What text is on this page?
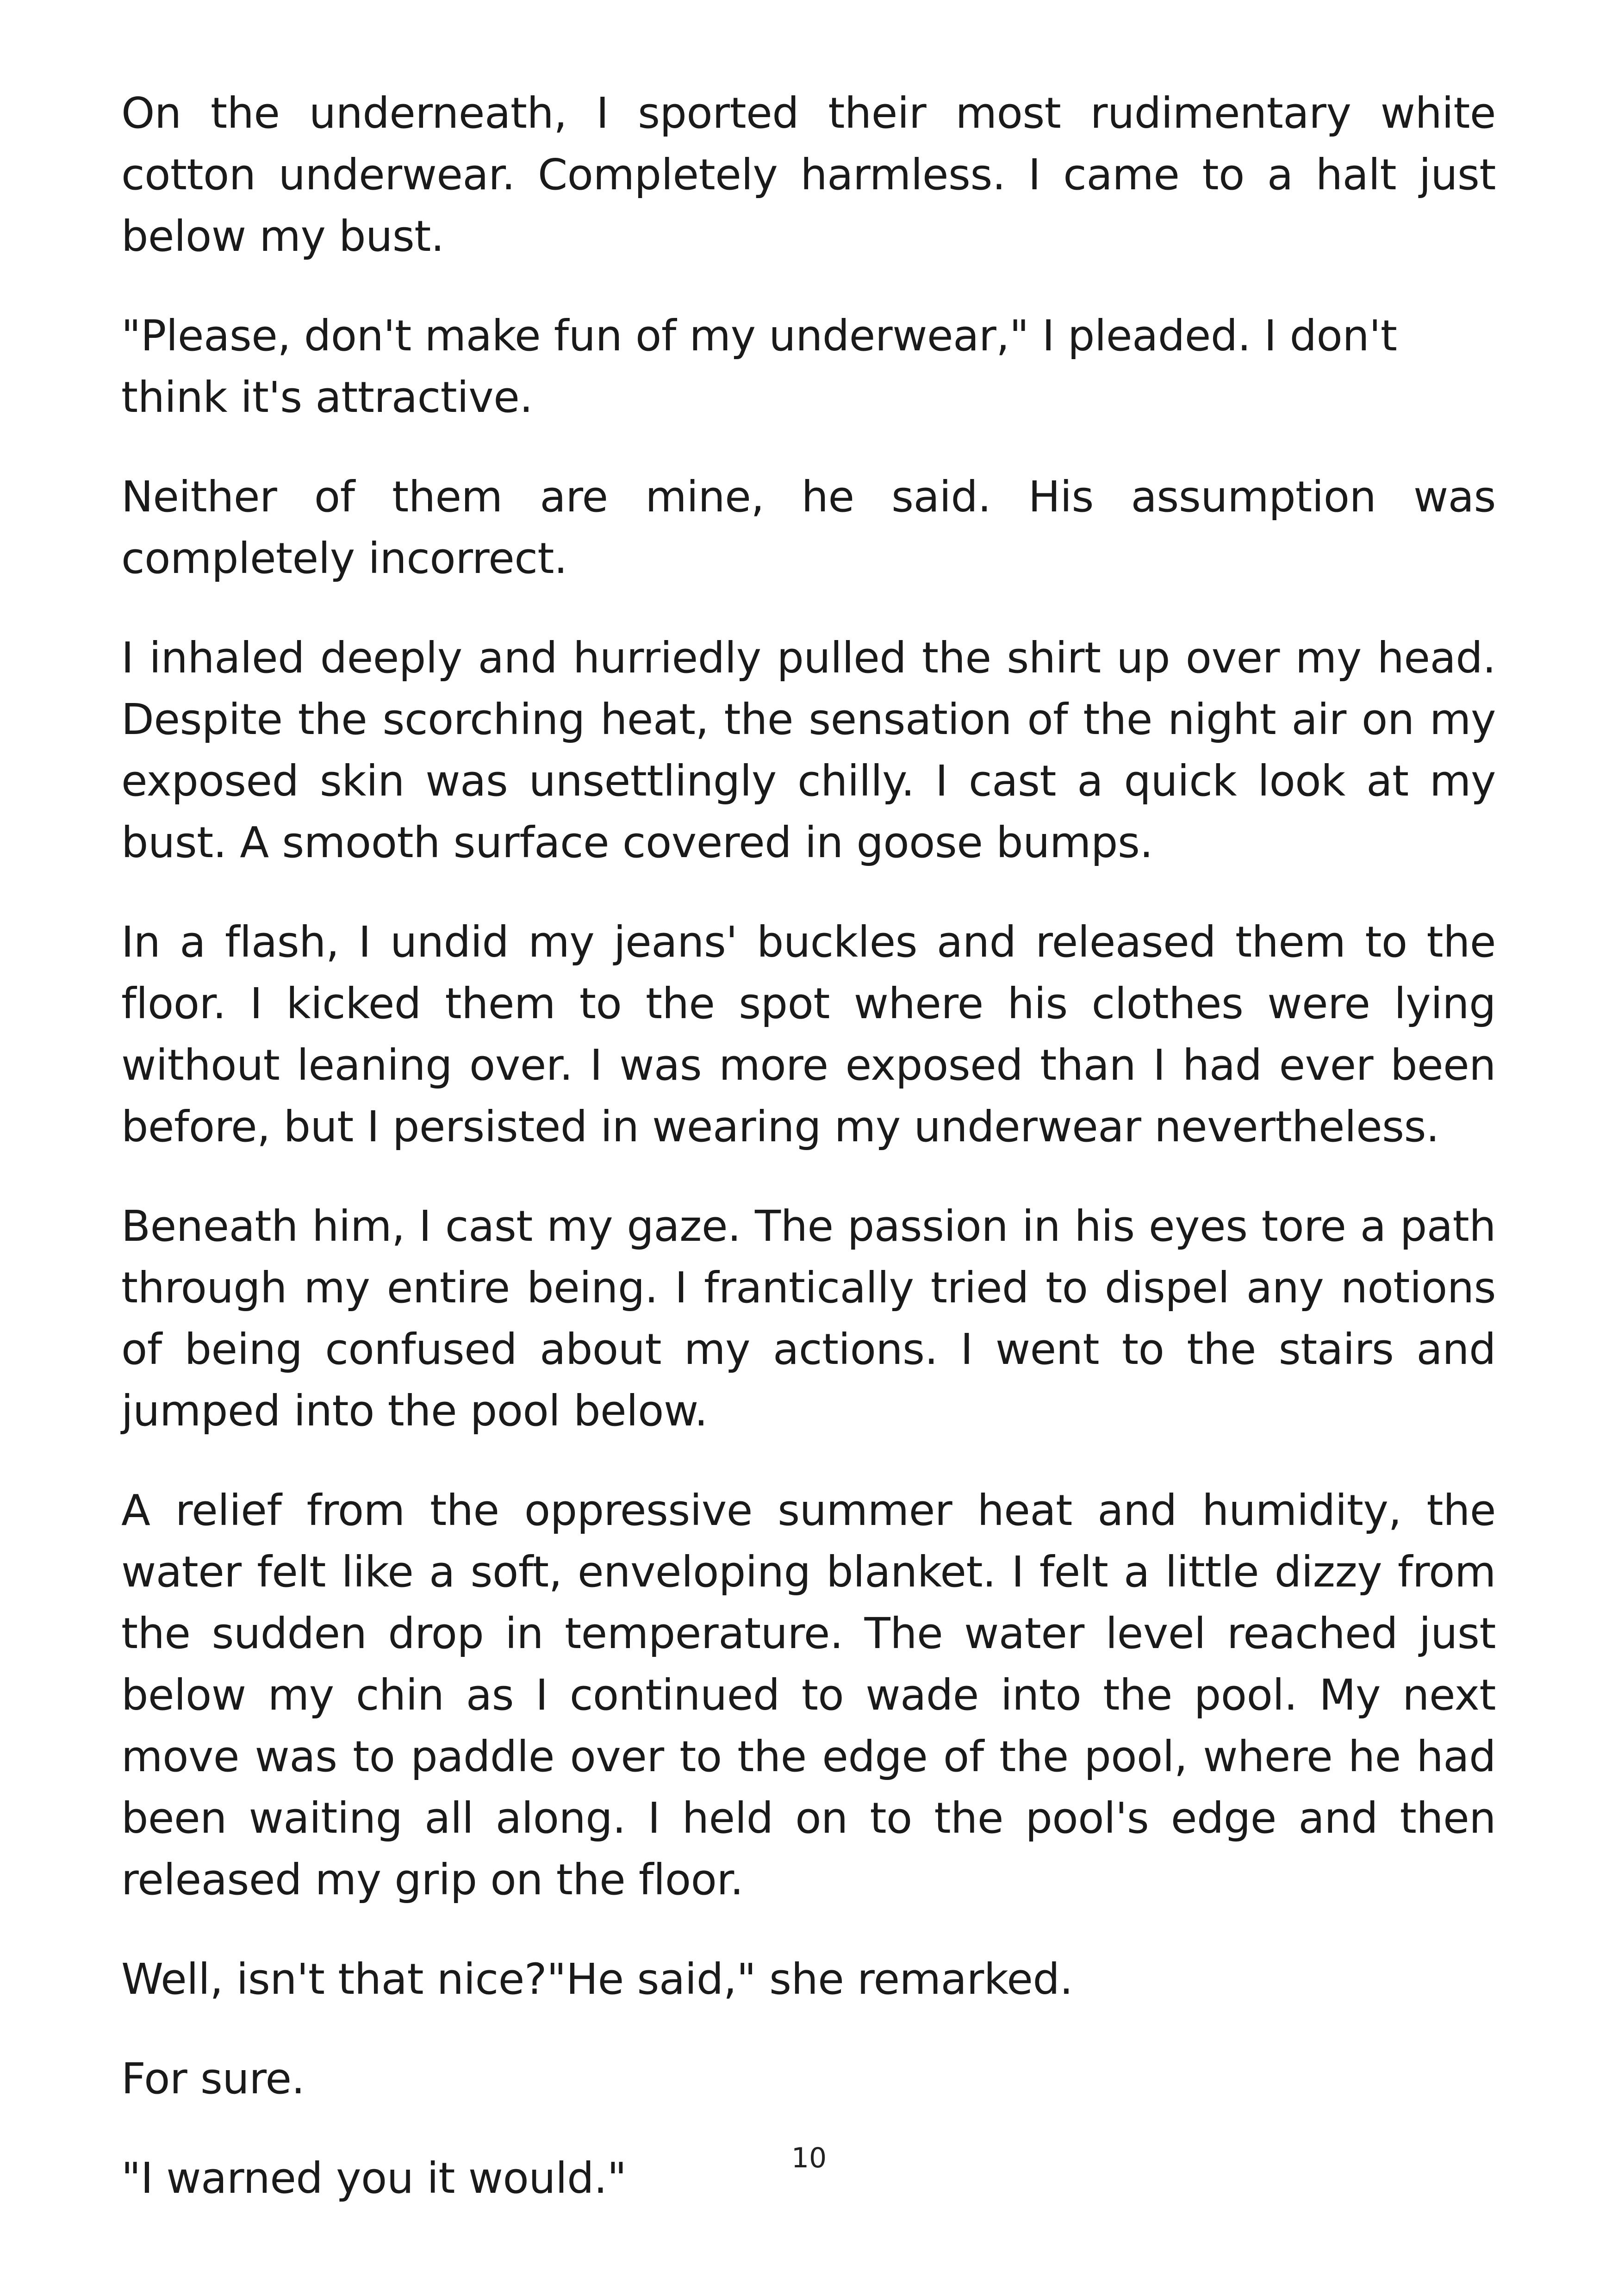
On the underneath, I sported their most rudimentary white cotton underwear. Completely harmless. I came to a halt just below my bust.

"Please, don't make fun of my underwear," I pleaded. I don't think it's attractive.

Neither of them are mine, he said. His assumption was completely incorrect.

I inhaled deeply and hurriedly pulled the shirt up over my head. Despite the scorching heat, the sensation of the night air on my exposed skin was unsettlingly chilly. I cast a quick look at my bust. A smooth surface covered in goose bumps.

In a flash, I undid my jeans' buckles and released them to the floor. I kicked them to the spot where his clothes were lying without leaning over. I was more exposed than I had ever been before, but I persisted in wearing my underwear nevertheless.

Beneath him, I cast my gaze. The passion in his eyes tore a path through my entire being. I frantically tried to dispel any notions of being confused about my actions. I went to the stairs and jumped into the pool below.

A relief from the oppressive summer heat and humidity, the water felt like a soft, enveloping blanket. I felt a little dizzy from the sudden drop in temperature. The water level reached just below my chin as I continued to wade into the pool. My next move was to paddle over to the edge of the pool, where he had been waiting all along. I held on to the pool's edge and then released my grip on the floor.

Well, isn't that nice?"He said," she remarked.

For sure.

"I warned you it would."	10
